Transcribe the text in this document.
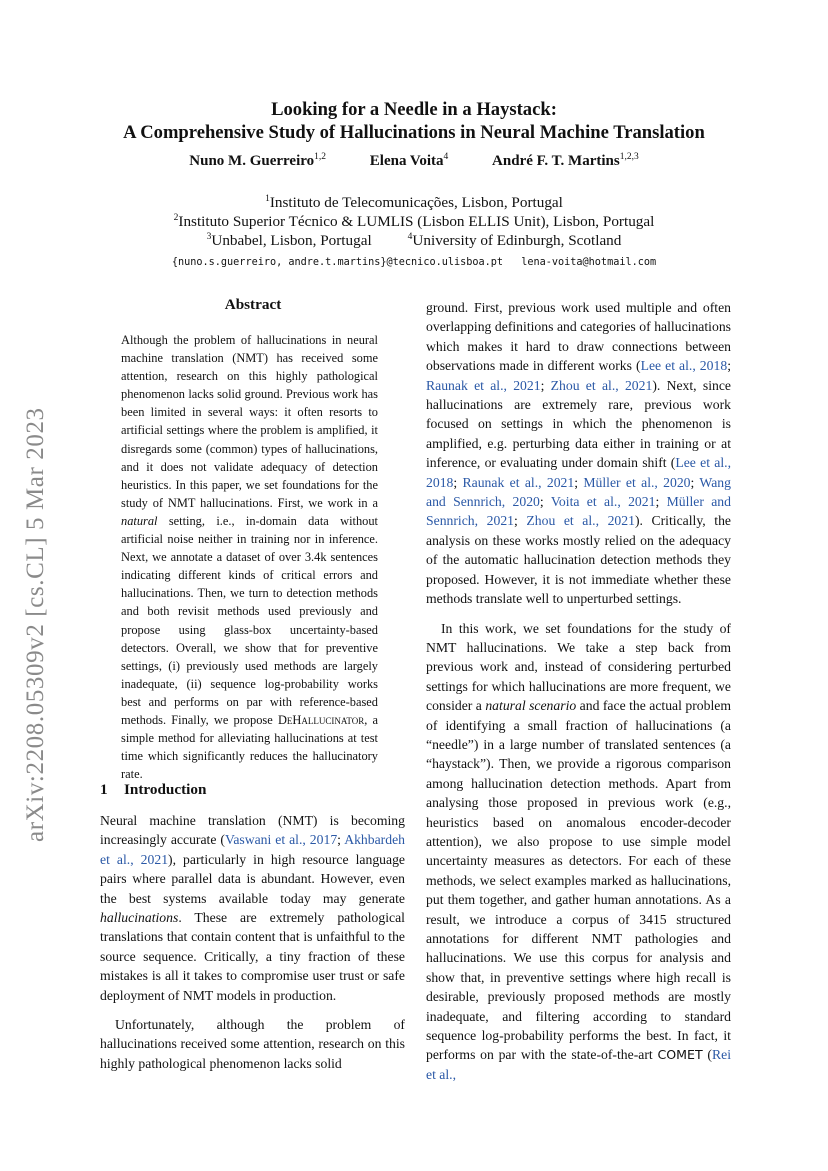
arXiv:2208.05309v2 [cs.CL] 5 Mar 2023
Looking for a Needle in a Haystack:
A Comprehensive Study of Hallucinations in Neural Machine Translation
Nuno M. Guerreiro$^{1,2}$	Elena Voita$^4$	André F. T. Martins$^{1,2,3}$
$^1$Instituto de Telecomunicações, Lisbon, Portugal
$^2$Instituto Superior Técnico & LUMLIS (Lisbon ELLIS Unit), Lisbon, Portugal
$^3$Unbabel, Lisbon, Portugal	$^4$University of Edinburgh, Scotland
{nuno.s.guerreiro, andre.t.martins}@tecnico.ulisboa.pt lena-voita@hotmail.com
Abstract
Although the problem of hallucinations in neural machine translation (NMT) has received some attention, research on this highly pathological phenomenon lacks solid ground. Previous work has been limited in several ways: it often resorts to artificial settings where the problem is amplified, it disregards some (common) types of hallucinations, and it does not validate adequacy of detection heuristics. In this paper, we set foundations for the study of NMT hallucinations. First, we work in a natural setting, i.e., in-domain data without artificial noise neither in training nor in inference. Next, we annotate a dataset of over 3.4k sentences indicating different kinds of critical errors and hallucinations. Then, we turn to detection methods and both revisit methods used previously and propose using glass-box uncertainty-based detectors. Overall, we show that for preventive settings, (i) previously used methods are largely inadequate, (ii) sequence log-probability works best and performs on par with reference-based methods. Finally, we propose DeHallucinator, a simple method for alleviating hallucinations at test time which significantly reduces the hallucinatory rate.
1 Introduction

Neural machine translation (NMT) is becoming increasingly accurate (Vaswani et al., 2017; Akhbardeh et al., 2021), particularly in high resource language pairs where parallel data is abundant. However, even the best systems available today may generate hallucinations. These are extremely pathological translations that contain content that is unfaithful to the source sequence. Critically, a tiny fraction of these mistakes is all it takes to compromise user trust or safe deployment of NMT models in production.

Unfortunately, although the problem of hallucinations received some attention, research on this highly pathological phenomenon lacks solid

ground. First, previous work used multiple and often overlapping definitions and categories of hallucinations which makes it hard to draw connections between observations made in different works (Lee et al., 2018; Raunak et al., 2021; Zhou et al., 2021). Next, since hallucinations are extremely rare, previous work focused on settings in which the phenomenon is amplified, e.g. perturbing data either in training or at inference, or evaluating under domain shift (Lee et al., 2018; Raunak et al., 2021; Müller et al., 2020; Wang and Sennrich, 2020; Voita et al., 2021; Müller and Sennrich, 2021; Zhou et al., 2021). Critically, the analysis on these works mostly relied on the adequacy of the automatic hallucination detection methods they proposed. However, it is not immediate whether these methods translate well to unperturbed settings.

In this work, we set foundations for the study of NMT hallucinations. We take a step back from previous work and, instead of considering perturbed settings for which hallucinations are more frequent, we consider a natural scenario and face the actual problem of identifying a small fraction of hallucinations (a “needle”) in a large number of translated sentences (a “haystack”). Then, we provide a rigorous comparison among hallucination detection methods. Apart from analysing those proposed in previous work (e.g., heuristics based on anomalous encoder-decoder attention), we also propose to use simple model uncertainty measures as detectors. For each of these methods, we select examples marked as hallucinations, put them together, and gather human annotations. As a result, we introduce a corpus of 3415 structured annotations for different NMT pathologies and hallucinations. We use this corpus for analysis and show that, in preventive settings where high recall is desirable, previously proposed methods are mostly inadequate, and filtering according to standard sequence log-probability performs the best. In fact, it performs on par with the state-of-the-art COMET (Rei et al.,
